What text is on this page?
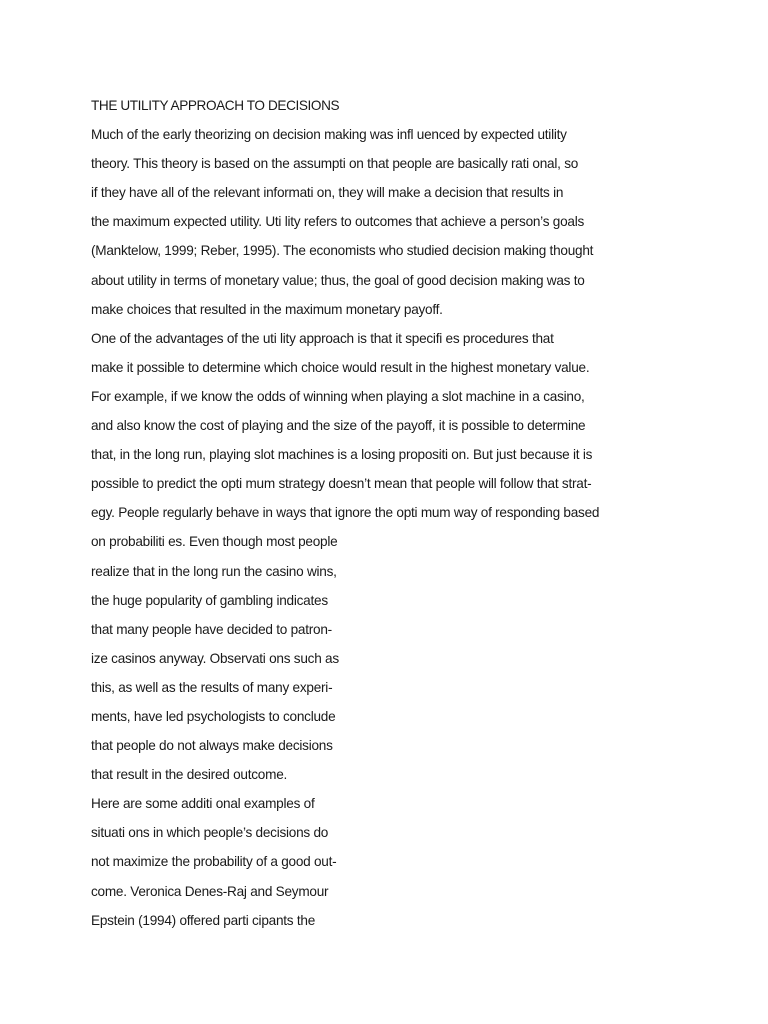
THE UTILITY APPROACH TO DECISIONS
Much of the early theorizing on decision making was infl uenced by expected utility
theory. This theory is based on the assumpti on that people are basically rati onal, so
if they have all of the relevant informati on, they will make a decision that results in
the maximum expected utility. Uti lity refers to outcomes that achieve a person’s goals
(Manktelow, 1999; Reber, 1995). The economists who studied decision making thought
about utility in terms of monetary value; thus, the goal of good decision making was to
make choices that resulted in the maximum monetary payoff.
One of the advantages of the uti lity approach is that it specifi es procedures that
make it possible to determine which choice would result in the highest monetary value.
For example, if we know the odds of winning when playing a slot machine in a casino,
and also know the cost of playing and the size of the payoff, it is possible to determine
that, in the long run, playing slot machines is a losing propositi on. But just because it is
possible to predict the opti mum strategy doesn’t mean that people will follow that strat-
egy. People regularly behave in ways that ignore the opti mum way of responding based
on probabiliti es. Even though most people
realize that in the long run the casino wins,
the huge popularity of gambling indicates
that many people have decided to patron-
ize casinos anyway. Observati ons such as
this, as well as the results of many experi-
ments, have led psychologists to conclude
that people do not always make decisions
that result in the desired outcome.
Here are some additi onal examples of
situati ons in which people’s decisions do
not maximize the probability of a good out-
come. Veronica Denes-Raj and Seymour
Epstein (1994) offered parti cipants the
